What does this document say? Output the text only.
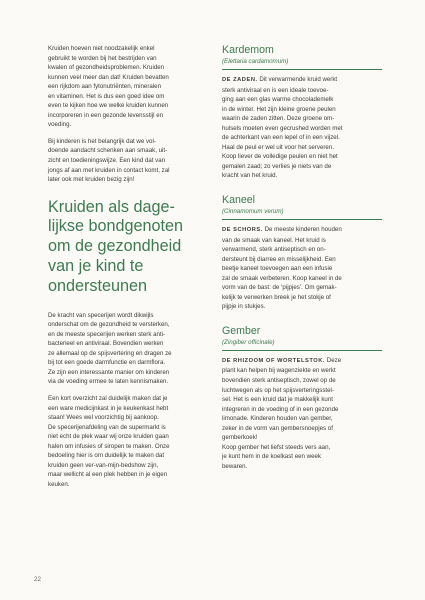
Kruiden hoeven niet noodzakelijk enkel
gebruikt te worden bij het bestrijden van
kwalen of gezondheidsproblemen. Kruiden
kunnen veel meer dan dat! Kruiden bevatten
een rijkdom aan fytonutriënten, mineralen
en vitaminen. Het is dus een goed idee om
even te kijken hoe we welke kruiden kunnen
incorporeren in een gezonde levensstijl en
voeding.

Bij kinderen is het belangrijk dat we vol-
doende aandacht schenken aan smaak, uit-
zicht en toedieningswijze. Een kind dat van
jongs af aan met kruiden in contact komt, zal
later ook met kruiden bezig zijn!

Kruiden als dage-
lijkse bondgenoten
om de gezondheid
van je kind te
ondersteunen

De kracht van specerijen wordt dikwijls
onderschat om de gezondheid te versterken,
en de meeste specerijen werken sterk anti-
bacterieel en antiviraal. Bovendien werken
ze allemaal op de spijsvertering en dragen ze
bij tot een goede darmfunctie en darmflora.
Ze zijn een interessante manier om kinderen
via de voeding ermee te laten kennismaken.

Een kort overzicht zal duidelijk maken dat je
een ware medicijnkast in je keukenkast hebt
staan! Wees wel voorzichtig bij aankoop.
De specerijenafdeling van de supermarkt is
niet echt de plek waar wij onze kruiden gaan
halen om infusies of siropen te maken. Onze
bedoeling hier is om duidelijk te maken dat
kruiden geen ver-van-mijn-bedshow zijn,
maar wellicht al een plek hebben in je eigen
keuken.

Kardemom
(Elettaria cardamomum)

DE ZADEN. Dit verwarmende kruid werkt
sterk antiviraal en is een ideale toevoe-
ging aan een glas warme chocolademelk
in de winter. Het zijn kleine groene peulen
waarin de zaden zitten. Deze groene om-
hulsels moeten even gecrushed worden met
de achterkant van een lepel of in een vijzel.
Haal de peul er wel uit voor het serveren.
Koop liever de volledige peulen en niet het
gemalen zaad; zo verlies je niets van de
kracht van het kruid.

Kaneel
(Cinnamomum verum)

DE SCHORS. De meeste kinderen houden
van de smaak van kaneel. Het kruid is
verwarmend, sterk antiseptisch en on-
dersteunt bij diarree en misselijkheid. Een
beetje kaneel toevoegen aan een infusie
zal de smaak verbeteren. Koop kaneel in de
vorm van de bast: de ‘pijpjes’. Om gemak-
kelijk te verwerken breek je het stokje of
pijpje in stukjes.

Gember
(Zingiber officinale)

DE RHIZOOM OF WORTELSTOK. Deze
plant kan helpen bij wagenziekte en werkt
bovendien sterk antiseptisch, zowel op de
luchtwegen als op het spijsverteringsstel-
sel. Het is een kruid dat je makkelijk kunt
integreren in de voeding of in een gezonde
limonade. Kinderen houden van gember,
zeker in de vorm van gembersnoepjes of
gemberkoek!
Koop gember het liefst steeds vers aan,
je kunt hem in de koelkast een week
bewaren.

22
